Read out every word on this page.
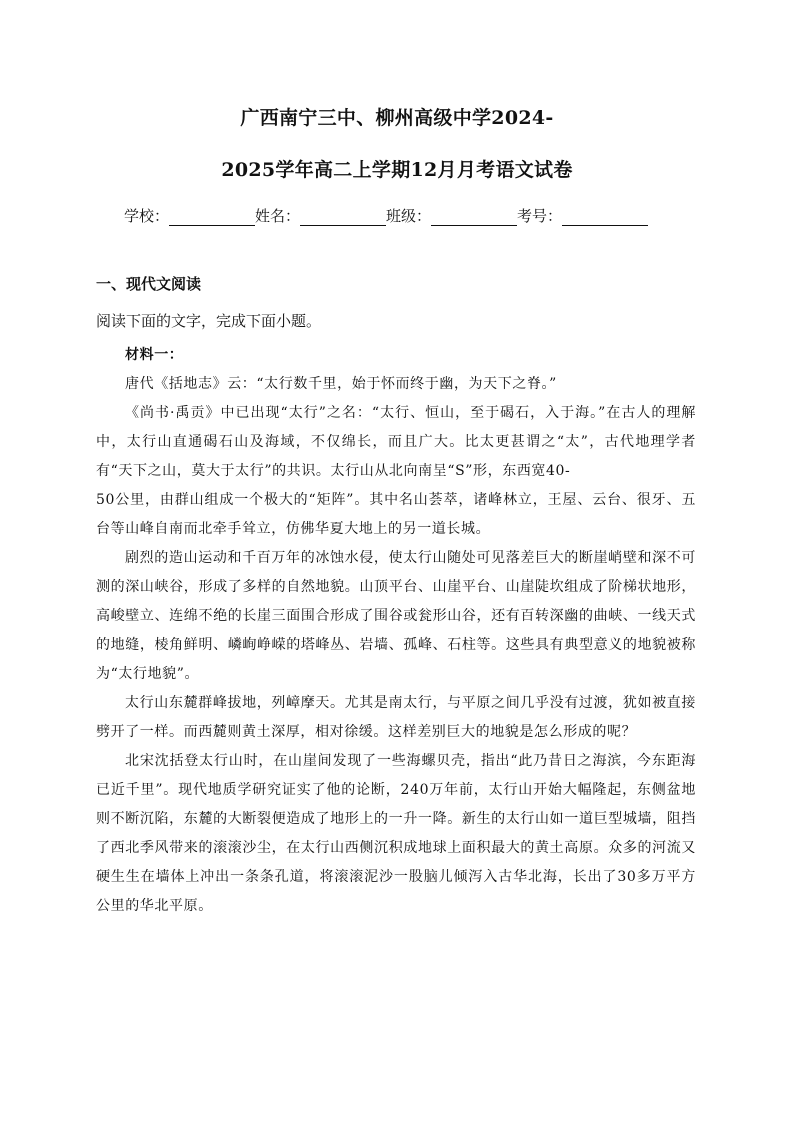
广西南宁三中、柳州高级中学2024-
2025学年高二上学期12月月考语文试卷
学校：	姓名：	班级：	考号：
一、现代文阅读
阅读下面的文字，完成下面小题。
材料一：
唐代《括地志》云：“太行数千里，始于怀而终于幽，为天下之脊。”
《尚书·禹贡》中已出现“太行”之名：“太行、恒山，至于碣石，入于海。”在古人的理解中，太行山直通碣石山及海域，不仅绵长，而且广大。比太更甚谓之“太”，古代地理学者有“天下之山，莫大于太行”的共识。太行山从北向南呈“S”形，东西宽40-
50公里，由群山组成一个极大的“矩阵”。其中名山荟萃，诸峰林立，王屋、云台、很牙、五台等山峰自南而北牵手耸立，仿佛华夏大地上的另一道长城。
剧烈的造山运动和千百万年的冰蚀水侵，使太行山随处可见落差巨大的断崖峭壁和深不可测的深山峡谷，形成了多样的自然地貌。山顶平台、山崖平台、山崖陡坎组成了阶梯状地形，高峻壁立、连绵不绝的长崖三面围合形成了围谷或瓮形山谷，还有百转深幽的曲峡、一线天式的地缝，棱角鲜明、嶙峋峥嵘的塔峰丛、岩墙、孤峰、石柱等。这些具有典型意义的地貌被称为“太行地貌”。
太行山东麓群峰拔地，列嶂摩天。尤其是南太行，与平原之间几乎没有过渡，犹如被直接劈开了一样。而西麓则黄土深厚，相对徐缓。这样差别巨大的地貌是怎么形成的呢？
北宋沈括登太行山时，在山崖间发现了一些海螺贝壳，指出“此乃昔日之海滨，今东距海已近千里”。现代地质学研究证实了他的论断，240万年前，太行山开始大幅隆起，东侧盆地则不断沉陷，东麓的大断裂便造成了地形上的一升一降。新生的太行山如一道巨型城墙，阻挡了西北季风带来的滚滚沙尘，在太行山西侧沉积成地球上面积最大的黄土高原。众多的河流又硬生生在墙体上冲出一条条孔道，将滚滚泥沙一股脑儿倾泻入古华北海，长出了30多万平方公里的华北平原。
